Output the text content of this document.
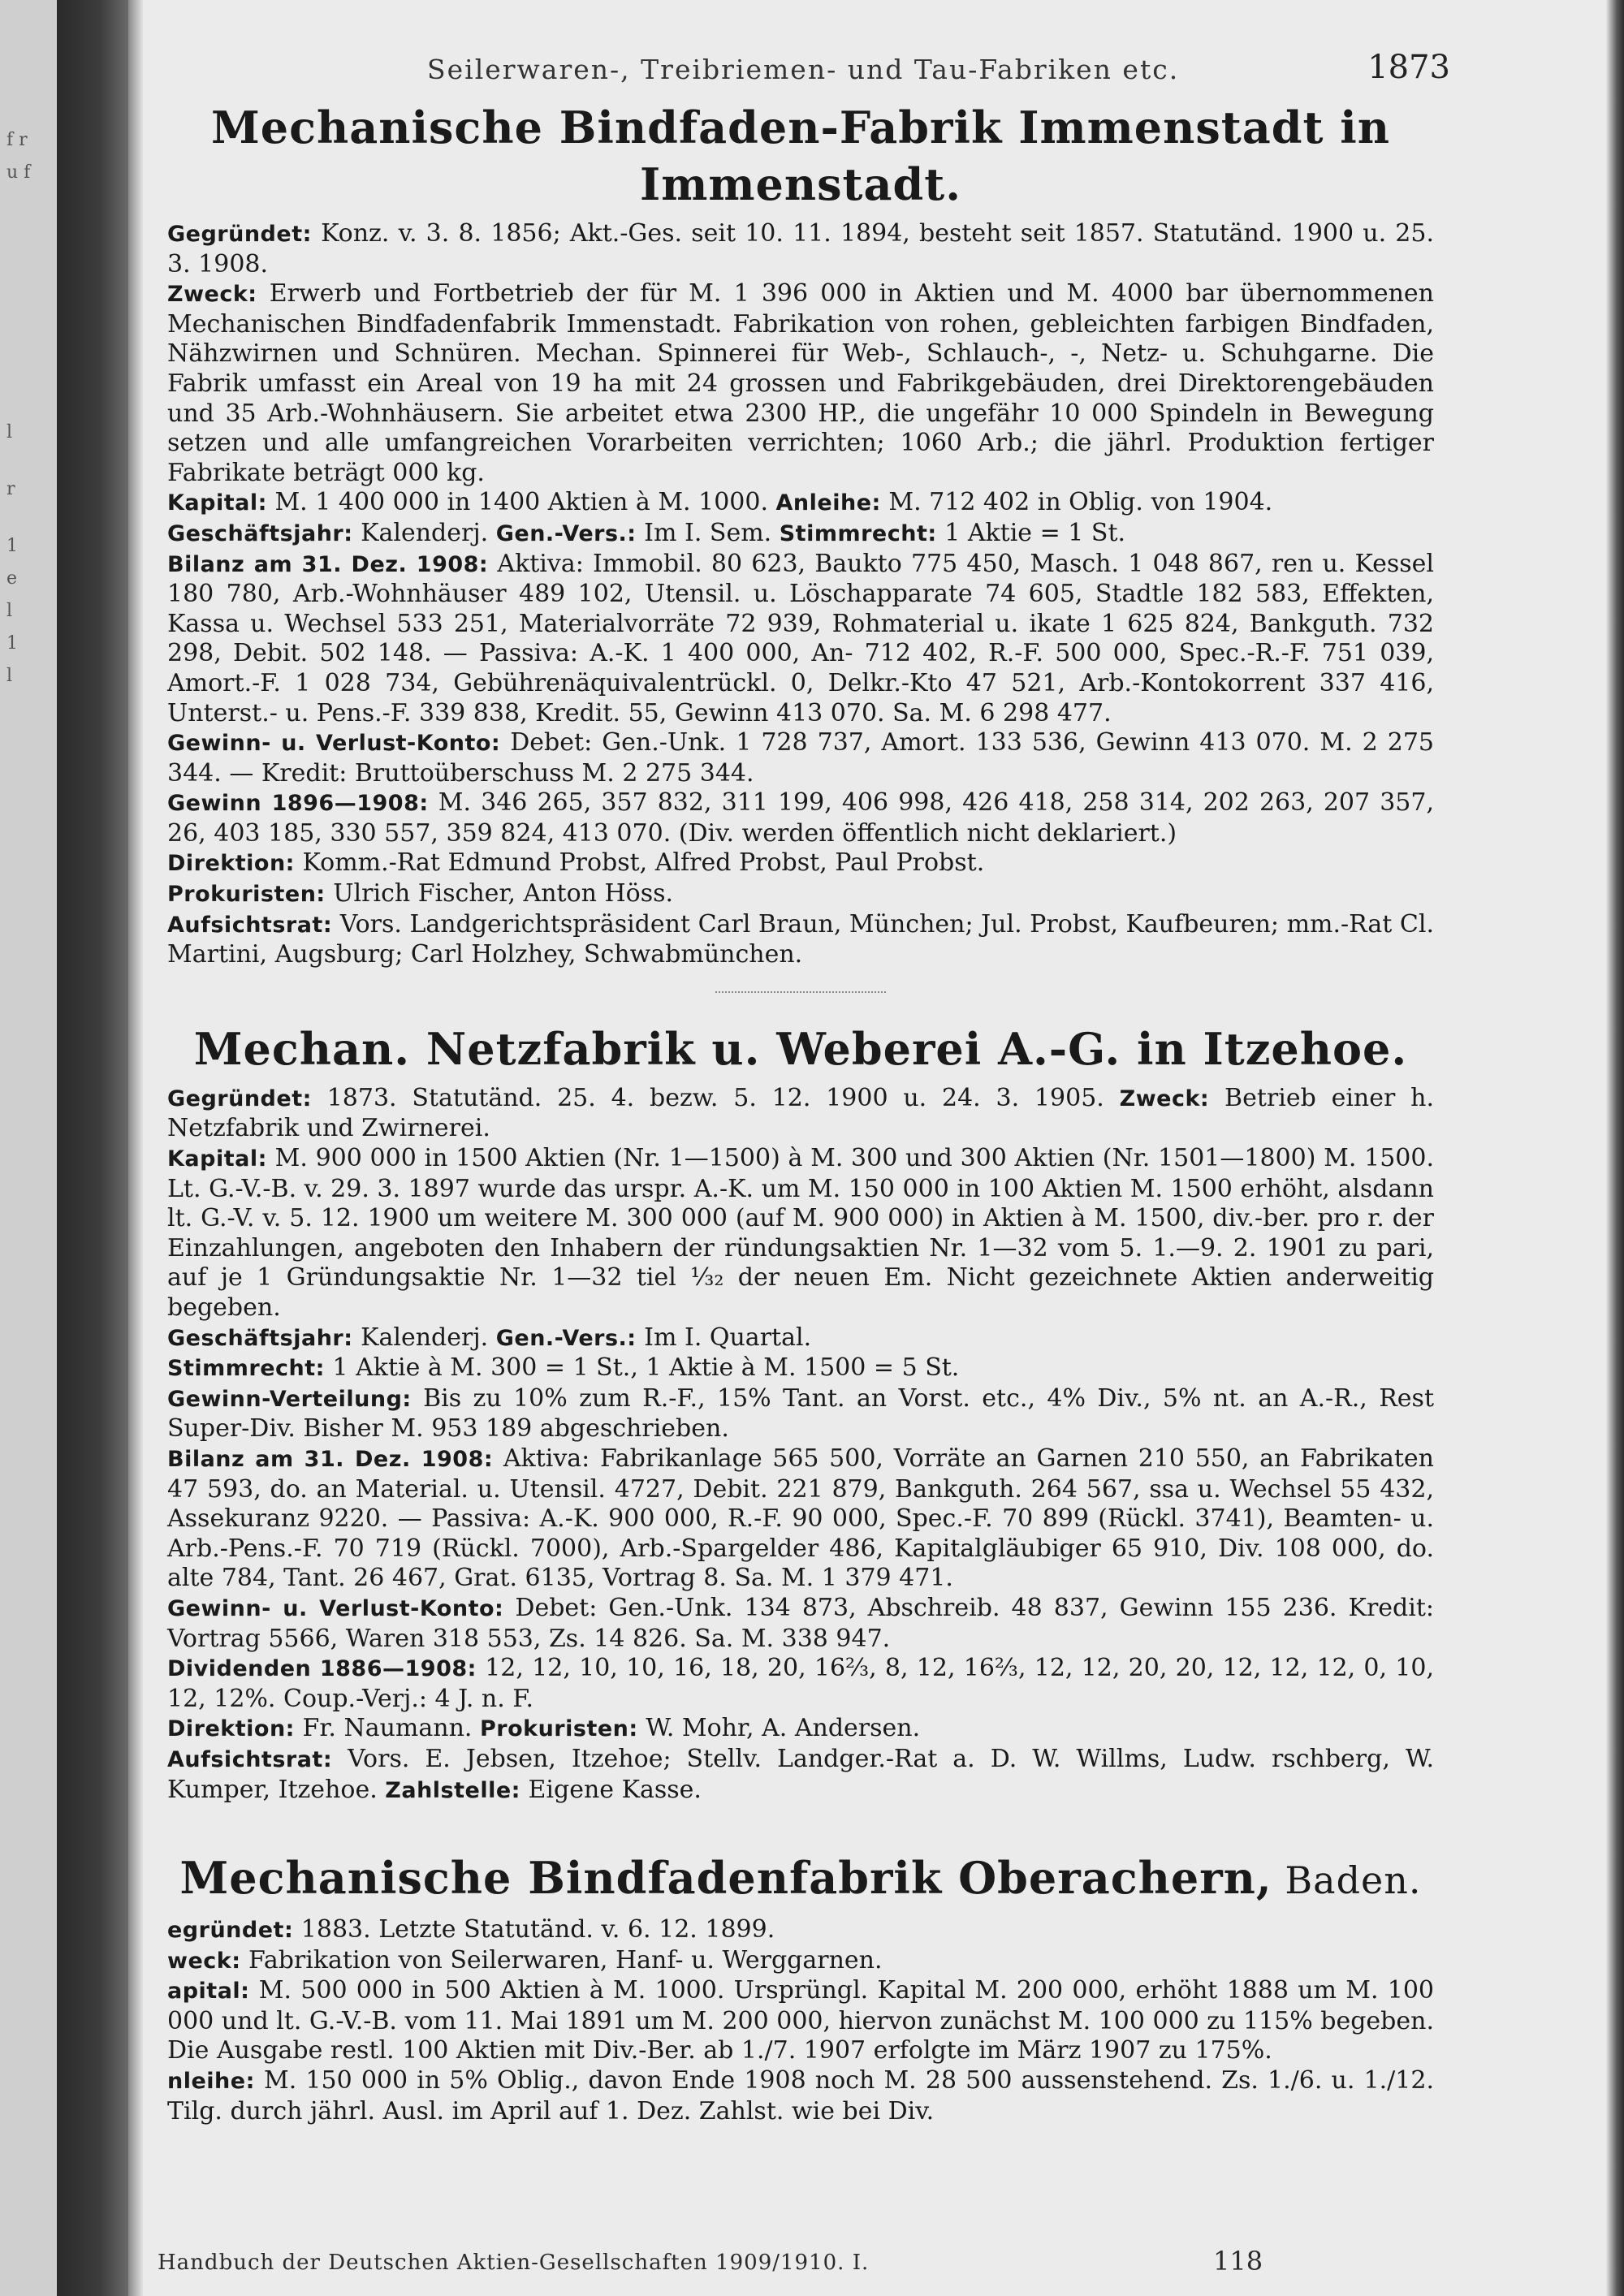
f r
u f
l
r
1
e
l
1
l
Seilerwaren-, Treibriemen- und Tau-Fabriken etc.	1873
Mechanische Bindfaden-Fabrik Immenstadt in Immenstadt.

Gegründet: Konz. v. 3. 8. 1856; Akt.-Ges. seit 10. 11. 1894, besteht seit 1857. Statutänd. 1900 u. 25. 3. 1908.

Zweck: Erwerb und Fortbetrieb der für M. 1 396 000 in Aktien und M. 4000 bar übernommenen Mechanischen Bindfadenfabrik Immenstadt. Fabrikation von rohen, gebleichten farbigen Bindfaden, Nähzwirnen und Schnüren. Mechan. Spinnerei für Web-, Schlauch-, -, Netz- u. Schuhgarne. Die Fabrik umfasst ein Areal von 19 ha mit 24 grossen und Fabrikgebäuden, drei Direktorengebäuden und 35 Arb.-Wohnhäusern. Sie arbeitet etwa 2300 HP., die ungefähr 10 000 Spindeln in Bewegung setzen und alle umfangreichen Vorarbeiten verrichten; 1060 Arb.; die jährl. Produktion fertiger Fabrikate beträgt 000 kg.

Kapital: M. 1 400 000 in 1400 Aktien à M. 1000. Anleihe: M. 712 402 in Oblig. von 1904.

Geschäftsjahr: Kalenderj. Gen.-Vers.: Im I. Sem. Stimmrecht: 1 Aktie = 1 St.

Bilanz am 31. Dez. 1908: Aktiva: Immobil. 80 623, Baukto 775 450, Masch. 1 048 867, ren u. Kessel 180 780, Arb.-Wohnhäuser 489 102, Utensil. u. Löschapparate 74 605, Stadtle 182 583, Effekten, Kassa u. Wechsel 533 251, Materialvorräte 72 939, Rohmaterial u. ikate 1 625 824, Bankguth. 732 298, Debit. 502 148. — Passiva: A.-K. 1 400 000, An- 712 402, R.-F. 500 000, Spec.-R.-F. 751 039, Amort.-F. 1 028 734, Gebührenäquivalentrückl. 0, Delkr.-Kto 47 521, Arb.-Kontokorrent 337 416, Unterst.- u. Pens.-F. 339 838, Kredit. 55, Gewinn 413 070. Sa. M. 6 298 477.

Gewinn- u. Verlust-Konto: Debet: Gen.-Unk. 1 728 737, Amort. 133 536, Gewinn 413 070. M. 2 275 344. — Kredit: Bruttoüberschuss M. 2 275 344.

Gewinn 1896—1908: M. 346 265, 357 832, 311 199, 406 998, 426 418, 258 314, 202 263, 207 357, 26, 403 185, 330 557, 359 824, 413 070. (Div. werden öffentlich nicht deklariert.)

Direktion: Komm.-Rat Edmund Probst, Alfred Probst, Paul Probst.

Prokuristen: Ulrich Fischer, Anton Höss.

Aufsichtsrat: Vors. Landgerichtspräsident Carl Braun, München; Jul. Probst, Kaufbeuren; mm.-Rat Cl. Martini, Augsburg; Carl Holzhey, Schwabmünchen.

Mechan. Netzfabrik u. Weberei A.-G. in Itzehoe.

Gegründet: 1873. Statutänd. 25. 4. bezw. 5. 12. 1900 u. 24. 3. 1905. Zweck: Betrieb einer h. Netzfabrik und Zwirnerei.

Kapital: M. 900 000 in 1500 Aktien (Nr. 1—1500) à M. 300 und 300 Aktien (Nr. 1501—1800) M. 1500. Lt. G.-V.-B. v. 29. 3. 1897 wurde das urspr. A.-K. um M. 150 000 in 100 Aktien M. 1500 erhöht, alsdann lt. G.-V. v. 5. 12. 1900 um weitere M. 300 000 (auf M. 900 000) in Aktien à M. 1500, div.-ber. pro r. der Einzahlungen, angeboten den Inhabern der ründungsaktien Nr. 1—32 vom 5. 1.—9. 2. 1901 zu pari, auf je 1 Gründungsaktie Nr. 1—32 tiel ¹⁄₃₂ der neuen Em. Nicht gezeichnete Aktien anderweitig begeben.

Geschäftsjahr: Kalenderj. Gen.-Vers.: Im I. Quartal.

Stimmrecht: 1 Aktie à M. 300 = 1 St., 1 Aktie à M. 1500 = 5 St.

Gewinn-Verteilung: Bis zu 10% zum R.-F., 15% Tant. an Vorst. etc., 4% Div., 5% nt. an A.-R., Rest Super-Div. Bisher M. 953 189 abgeschrieben.

Bilanz am 31. Dez. 1908: Aktiva: Fabrikanlage 565 500, Vorräte an Garnen 210 550, an Fabrikaten 47 593, do. an Material. u. Utensil. 4727, Debit. 221 879, Bankguth. 264 567, ssa u. Wechsel 55 432, Assekuranz 9220. — Passiva: A.-K. 900 000, R.-F. 90 000, Spec.-F. 70 899 (Rückl. 3741), Beamten- u. Arb.-Pens.-F. 70 719 (Rückl. 7000), Arb.-Spargelder 486, Kapitalgläubiger 65 910, Div. 108 000, do. alte 784, Tant. 26 467, Grat. 6135, Vortrag 8. Sa. M. 1 379 471.

Gewinn- u. Verlust-Konto: Debet: Gen.-Unk. 134 873, Abschreib. 48 837, Gewinn 155 236. Kredit: Vortrag 5566, Waren 318 553, Zs. 14 826. Sa. M. 338 947.

Dividenden 1886—1908: 12, 12, 10, 10, 16, 18, 20, 16²⁄₃, 8, 12, 16²⁄₃, 12, 12, 20, 20, 12, 12, 12, 0, 10, 12, 12%. Coup.-Verj.: 4 J. n. F.

Direktion: Fr. Naumann. Prokuristen: W. Mohr, A. Andersen.

Aufsichtsrat: Vors. E. Jebsen, Itzehoe; Stellv. Landger.-Rat a. D. W. Willms, Ludw. rschberg, W. Kumper, Itzehoe. Zahlstelle: Eigene Kasse.

Mechanische Bindfadenfabrik Oberachern, Baden.

egründet: 1883. Letzte Statutänd. v. 6. 12. 1899.

weck: Fabrikation von Seilerwaren, Hanf- u. Werggarnen.

apital: M. 500 000 in 500 Aktien à M. 1000. Ursprüngl. Kapital M. 200 000, erhöht 1888 um M. 100 000 und lt. G.-V.-B. vom 11. Mai 1891 um M. 200 000, hiervon zunächst M. 100 000 zu 115% begeben. Die Ausgabe restl. 100 Aktien mit Div.-Ber. ab 1./7. 1907 erfolgte im März 1907 zu 175%.

nleihe: M. 150 000 in 5% Oblig., davon Ende 1908 noch M. 28 500 aussenstehend. Zs. 1./6. u. 1./12. Tilg. durch jährl. Ausl. im April auf 1. Dez. Zahlst. wie bei Div.

Handbuch der Deutschen Aktien-Gesellschaften 1909/1910. I.	118
